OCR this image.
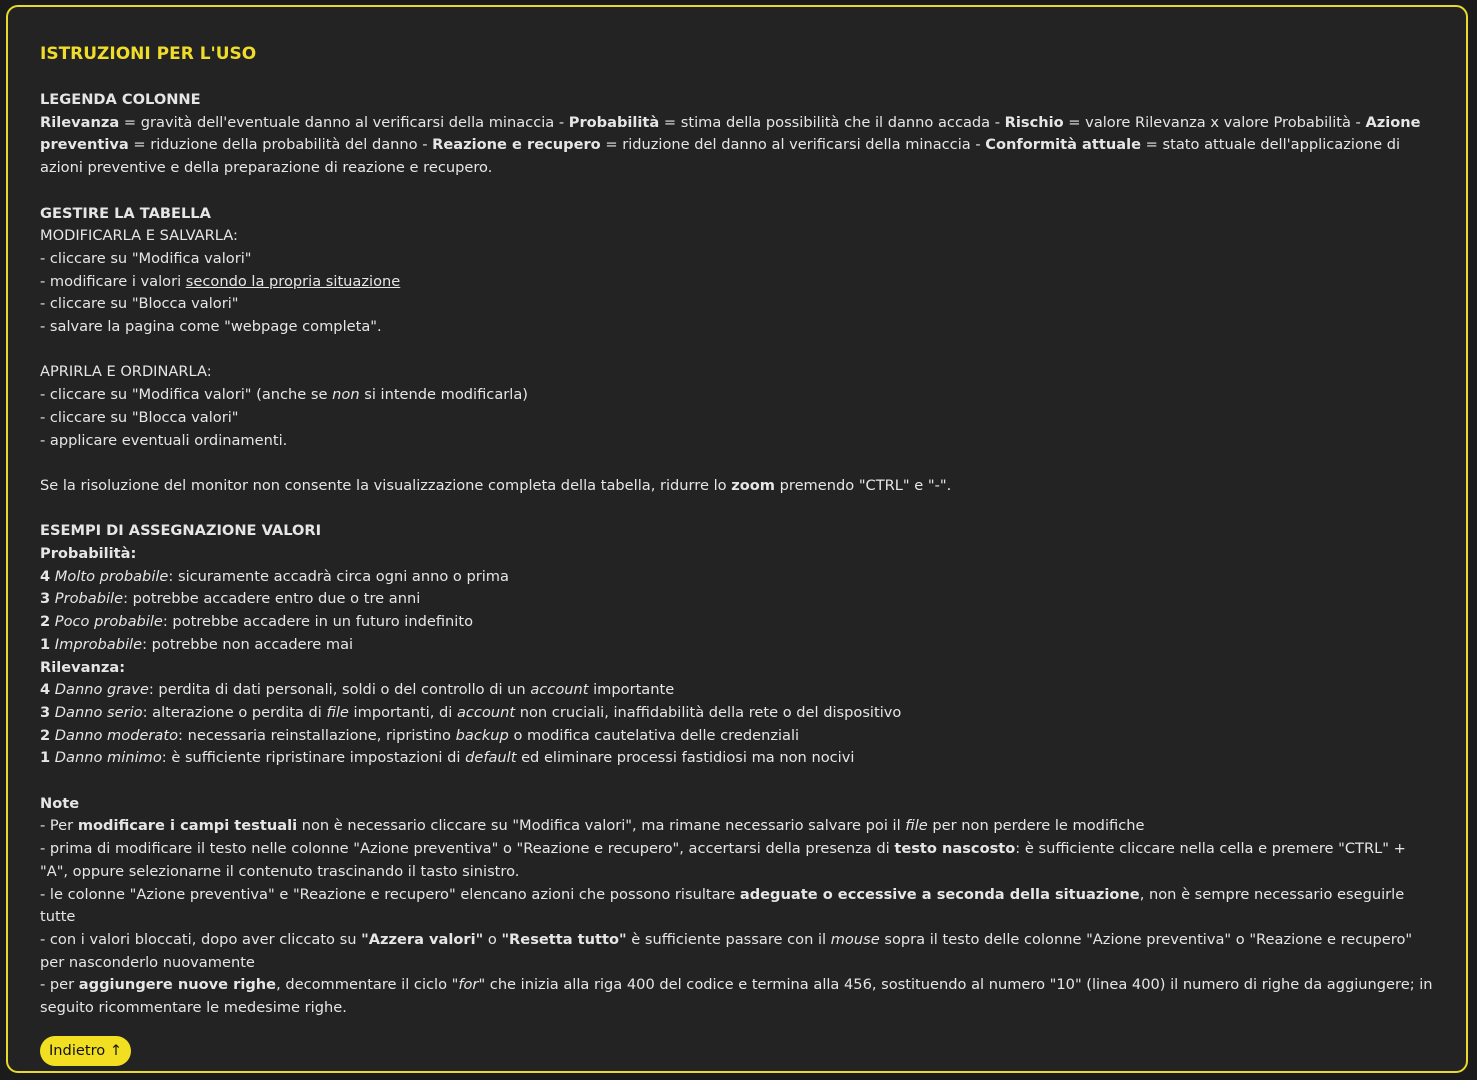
ISTRUZIONI PER L'USO
LEGENDA COLONNE
Rilevanza = gravità dell'eventuale danno al verificarsi della minaccia - Probabilità = stima della possibilità che il danno accada - Rischio = valore Rilevanza x valore Probabilità - Azione preventiva = riduzione della probabilità del danno - Reazione e recupero = riduzione del danno al verificarsi della minaccia - Conformità attuale = stato attuale dell'applicazione di azioni preventive e della preparazione di reazione e recupero.
GESTIRE LA TABELLA
MODIFICARLA E SALVARLA:
- cliccare su "Modifica valori"
- modificare i valori secondo la propria situazione
- cliccare su "Blocca valori"
- salvare la pagina come "webpage completa".
APRIRLA E ORDINARLA:
- cliccare su "Modifica valori" (anche se non si intende modificarla)
- cliccare su "Blocca valori"
- applicare eventuali ordinamenti.
Se la risoluzione del monitor non consente la visualizzazione completa della tabella, ridurre lo zoom premendo "CTRL" e "-".
ESEMPI DI ASSEGNAZIONE VALORI
Probabilità:
4 Molto probabile: sicuramente accadrà circa ogni anno o prima
3 Probabile: potrebbe accadere entro due o tre anni
2 Poco probabile: potrebbe accadere in un futuro indefinito
1 Improbabile: potrebbe non accadere mai
Rilevanza:
4 Danno grave: perdita di dati personali, soldi o del controllo di un account importante
3 Danno serio: alterazione o perdita di file importanti, di account non cruciali, inaffidabilità della rete o del dispositivo
2 Danno moderato: necessaria reinstallazione, ripristino backup o modifica cautelativa delle credenziali
1 Danno minimo: è sufficiente ripristinare impostazioni di default ed eliminare processi fastidiosi ma non nocivi
Note
- Per modificare i campi testuali non è necessario cliccare su "Modifica valori", ma rimane necessario salvare poi il file per non perdere le modifiche
- prima di modificare il testo nelle colonne "Azione preventiva" o "Reazione e recupero", accertarsi della presenza di testo nascosto: è sufficiente cliccare nella cella e premere "CTRL" + "A", oppure selezionarne il contenuto trascinando il tasto sinistro.
- le colonne "Azione preventiva" e "Reazione e recupero" elencano azioni che possono risultare adeguate o eccessive a seconda della situazione, non è sempre necessario eseguirle tutte
- con i valori bloccati, dopo aver cliccato su "Azzera valori" o "Resetta tutto" è sufficiente passare con il mouse sopra il testo delle colonne "Azione preventiva" o "Reazione e recupero" per nasconderlo nuovamente
- per aggiungere nuove righe, decommentare il ciclo "for" che inizia alla riga 400 del codice e termina alla 456, sostituendo al numero "10" (linea 400) il numero di righe da aggiungere; in seguito ricommentare le medesime righe.
Indietro ↑
